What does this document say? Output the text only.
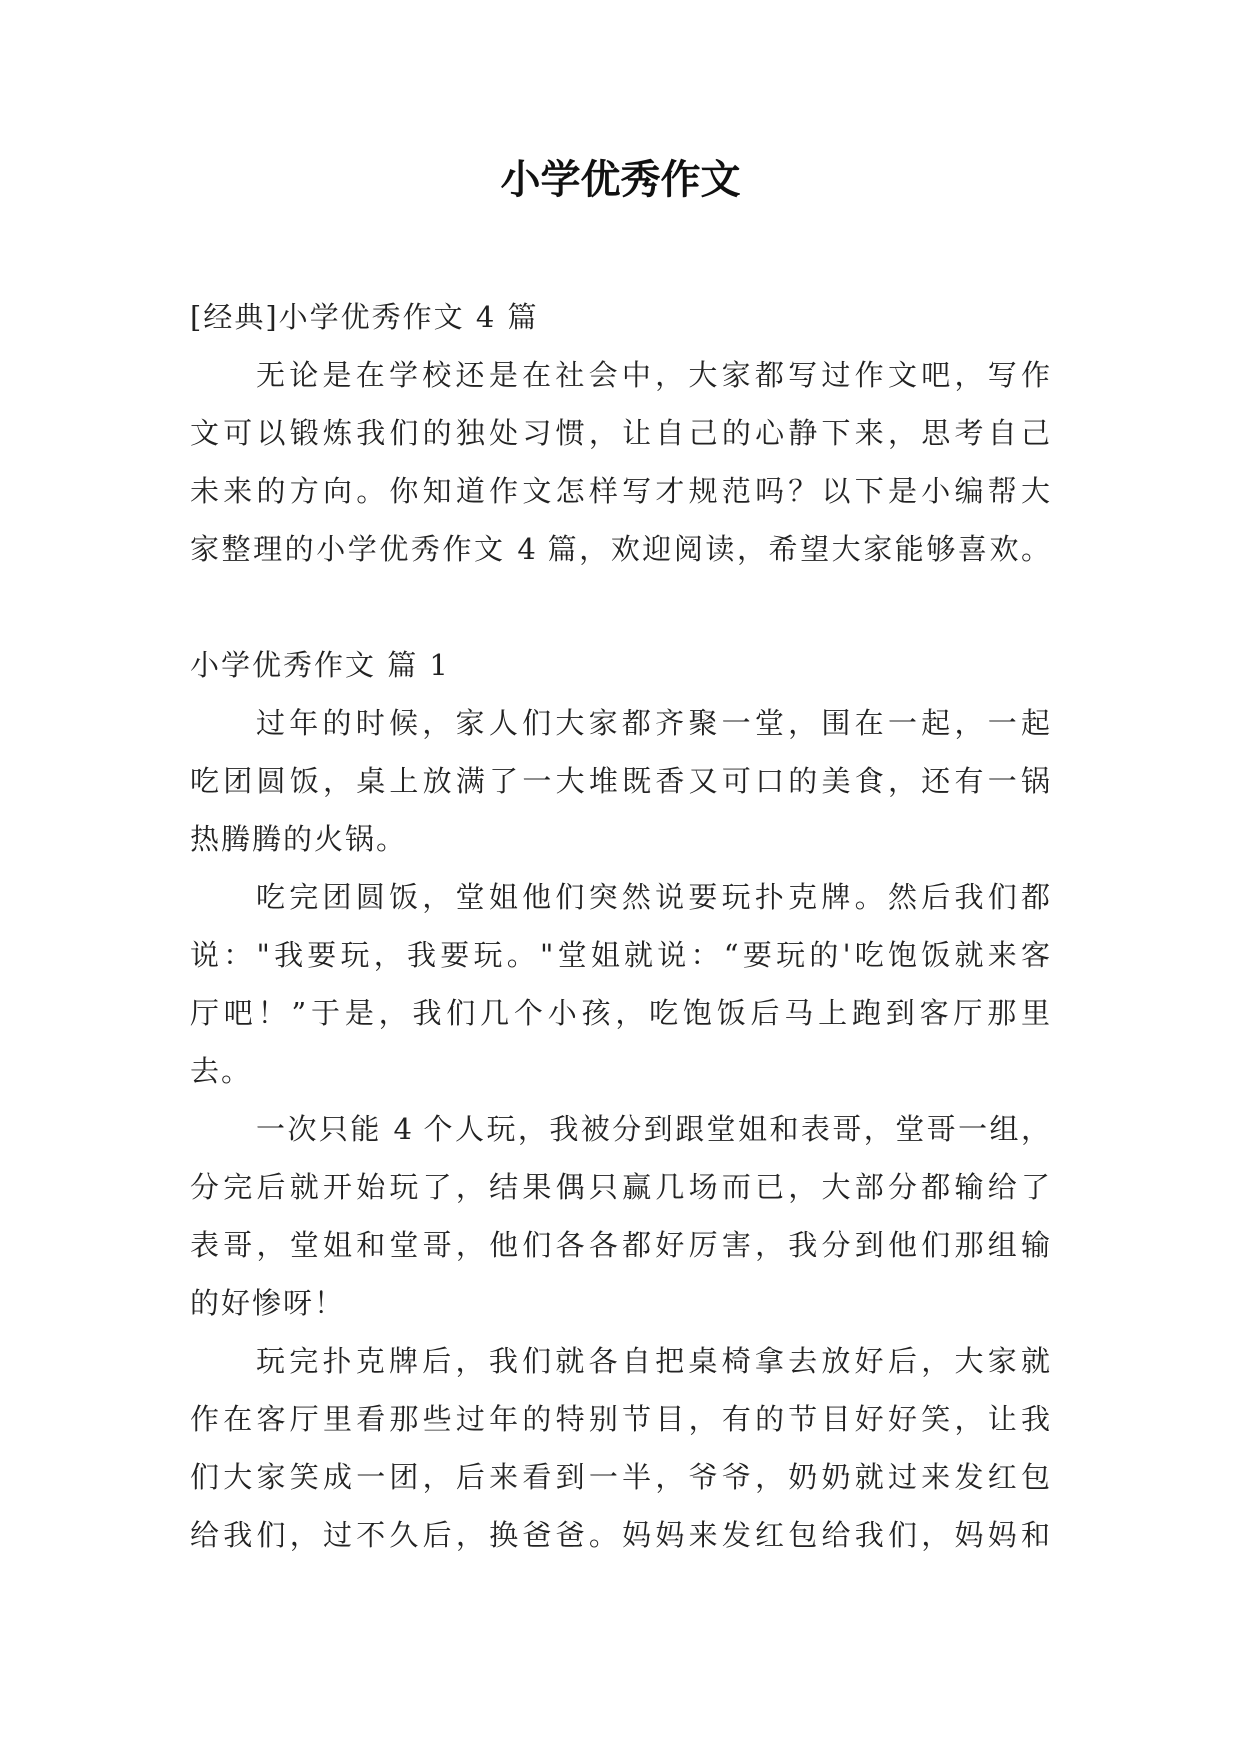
小学优秀作文

[经典]小学优秀作文 4 篇

无论是在学校还是在社会中，大家都写过作文吧，写作

文可以锻炼我们的独处习惯，让自己的心静下来，思考自己

未来的方向。你知道作文怎样写才规范吗？以下是小编帮大

家整理的小学优秀作文 4 篇，欢迎阅读，希望大家能够喜欢。

小学优秀作文 篇 1

过年的时候，家人们大家都齐聚一堂，围在一起，一起

吃团圆饭，桌上放满了一大堆既香又可口的美食，还有一锅

热腾腾的火锅。

吃完团圆饭，堂姐他们突然说要玩扑克牌。然后我们都

说："我要玩，我要玩。"堂姐就说：“要玩的'吃饱饭就来客

厅吧！”于是，我们几个小孩，吃饱饭后马上跑到客厅那里

去。

一次只能 4 个人玩，我被分到跟堂姐和表哥，堂哥一组，

分完后就开始玩了，结果偶只赢几场而已，大部分都输给了

表哥，堂姐和堂哥，他们各各都好厉害，我分到他们那组输

的好惨呀！

玩完扑克牌后，我们就各自把桌椅拿去放好后，大家就

作在客厅里看那些过年的特别节目，有的节目好好笑，让我

们大家笑成一团，后来看到一半，爷爷，奶奶就过来发红包

给我们，过不久后，换爸爸。妈妈来发红包给我们，妈妈和
